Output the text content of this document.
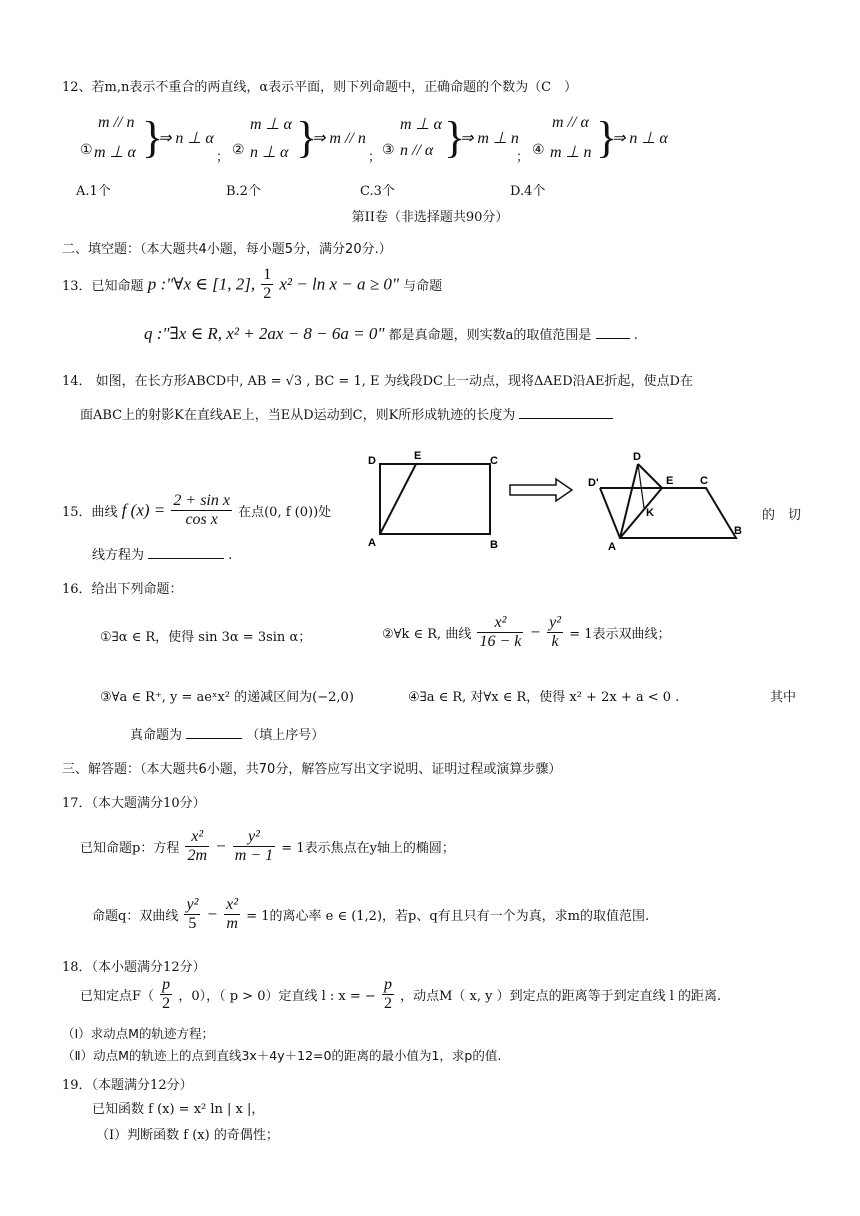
12、若m,n表示不重合的两直线，α表示平面，则下列命题中，正确命题的个数为（C　）
m // n
① m ⊥ α }
⇒ n ⊥ α
； ②
m ⊥ α
n ⊥ α }
⇒ m // n
； ③
m ⊥ α
n // α }
⇒ m ⊥ n
； ④
m // α
m ⊥ n }
⇒ n ⊥ α
A.1个	B.2个	C.3个	D.4个
第II卷（非选择题共90分）
二、填空题：（本大题共4小题，每小题5分，满分20分.）
13．已知命题 p :"∀x ∈ [1, 2], $\frac{1}{2} x^2 - \ln x - a \ge 0$" 与命题
q :"∃x ∈ R, x² + 2ax − 8 − 6a = 0" 都是真命题，则实数a的取值范围是	.
14． 如图，在长方形ABCD中, AB = √3 , BC = 1, E 为线段DC上一动点，现将ΔAED沿AE折起，使点D在
面ABC上的射影K在直线AE上，当E从D运动到C，则K所形成轨迹的长度为
D	E	C
A	B
D'
D
E C
K
A
B
15．曲线 f $(x) = \frac{\text{2 + sin x}}{\text{cos x}}$ 在点(0, f (0))处	的 切
线方程为	.
16．给出下列命题：
①∃α ∈ R，使得 sin 3α = 3sin α；	②∀k ∈ R, 曲线 $\frac{\text{x²}}{16 - k} - \frac{\text{y²}}{k} = 1$表示双曲线；
③∀a ∈ R⁺, y = aeˣx² 的递减区间为(−2,0)	④∃a ∈ R, 对∀x ∈ R，使得 x² + 2x + a < 0 .	其中
真命题为	（填上序号）
三、解答题：（本大题共6小题，共70分，解答应写出文字说明、证明过程或演算步骤）
17．（本大题满分10分）
已知命题p：方程 $\frac{\text{x²}}{2m} - \frac{\text{y²}}{m - 1} = 1$表示焦点在y轴上的椭圆；
命题q：双曲线 $\frac{\text{y²}}{5} - \frac{\text{x²}}{m} = 1$的离心率 e ∈ (1,2)，若p、q有且只有一个为真，求m的取值范围.
18．（本小题满分12分）
已知定点$F( \frac{p}{2}$ ，0），（ p > 0）定直线 l : x = − $\frac{p}{2}$ ，动点M（ x, y ）到定点的距离等于到定直线 l 的距离.
（Ⅰ）求动点M的轨迹方程；
（Ⅱ）动点M的轨迹上的点到直线3x＋4y＋12=0的距离的最小值为1，求p的值.
19．（本题满分12分）
已知函数 f (x) = x² ln | x |，
（Ⅰ）判断函数 f (x) 的奇偶性；
